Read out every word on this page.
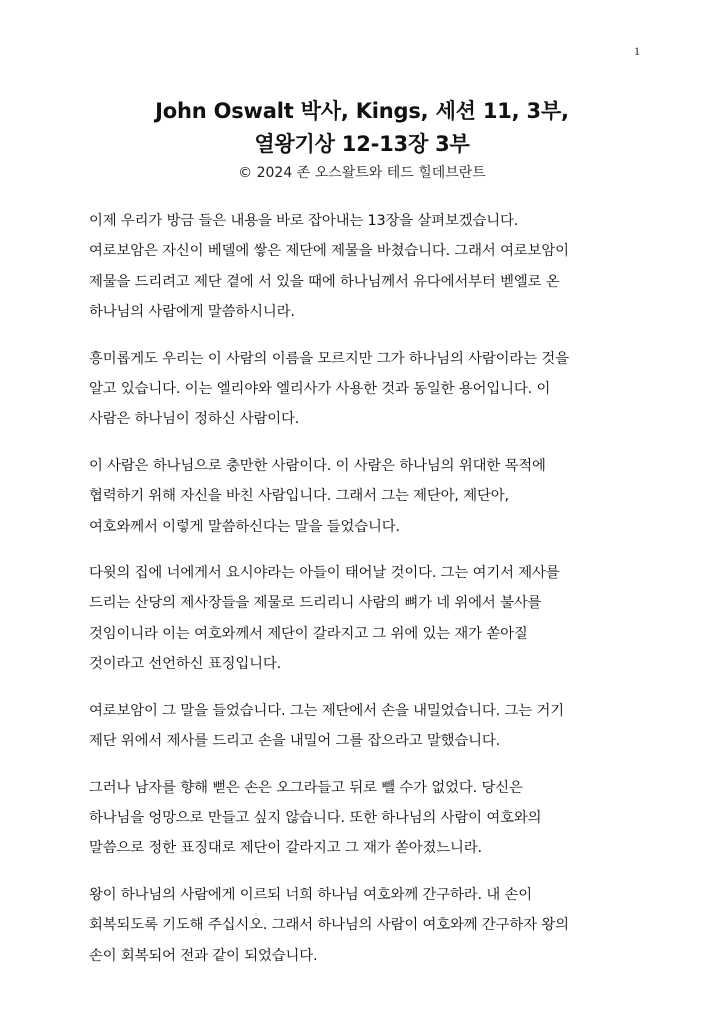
1
John Oswalt 박사, Kings, 세션 11, 3부,
열왕기상 12-13장 3부
© 2024 존 오스왈트와 테드 힐데브란트

이제 우리가 방금 들은 내용을 바로 잡아내는 13장을 살펴보겠습니다.
여로보암은 자신이 베델에 쌓은 제단에 제물을 바쳤습니다. 그래서 여로보암이
제물을 드리려고 제단 곁에 서 있을 때에 하나님께서 유다에서부터 벧엘로 온
하나님의 사람에게 말씀하시니라.

흥미롭게도 우리는 이 사람의 이름을 모르지만 그가 하나님의 사람이라는 것을
알고 있습니다. 이는 엘리야와 엘리사가 사용한 것과 동일한 용어입니다. 이
사람은 하나님이 정하신 사람이다.

이 사람은 하나님으로 충만한 사람이다. 이 사람은 하나님의 위대한 목적에
협력하기 위해 자신을 바친 사람입니다. 그래서 그는 제단아, 제단아,
여호와께서 이렇게 말씀하신다는 말을 들었습니다.

다윗의 집에 너에게서 요시야라는 아들이 태어날 것이다. 그는 여기서 제사를
드리는 산당의 제사장들을 제물로 드리리니 사람의 뼈가 네 위에서 불사를
것임이니라 이는 여호와께서 제단이 갈라지고 그 위에 있는 재가 쏟아질
것이라고 선언하신 표징입니다.

여로보암이 그 말을 들었습니다. 그는 제단에서 손을 내밀었습니다. 그는 거기
제단 위에서 제사를 드리고 손을 내밀어 그를 잡으라고 말했습니다.

그러나 남자를 향해 뻗은 손은 오그라들고 뒤로 뺄 수가 없었다. 당신은
하나님을 엉망으로 만들고 싶지 않습니다. 또한 하나님의 사람이 여호와의
말씀으로 정한 표징대로 제단이 갈라지고 그 재가 쏟아졌느니라.

왕이 하나님의 사람에게 이르되 너희 하나님 여호와께 간구하라. 내 손이
회복되도록 기도해 주십시오. 그래서 하나님의 사람이 여호와께 간구하자 왕의
손이 회복되어 전과 같이 되었습니다.
